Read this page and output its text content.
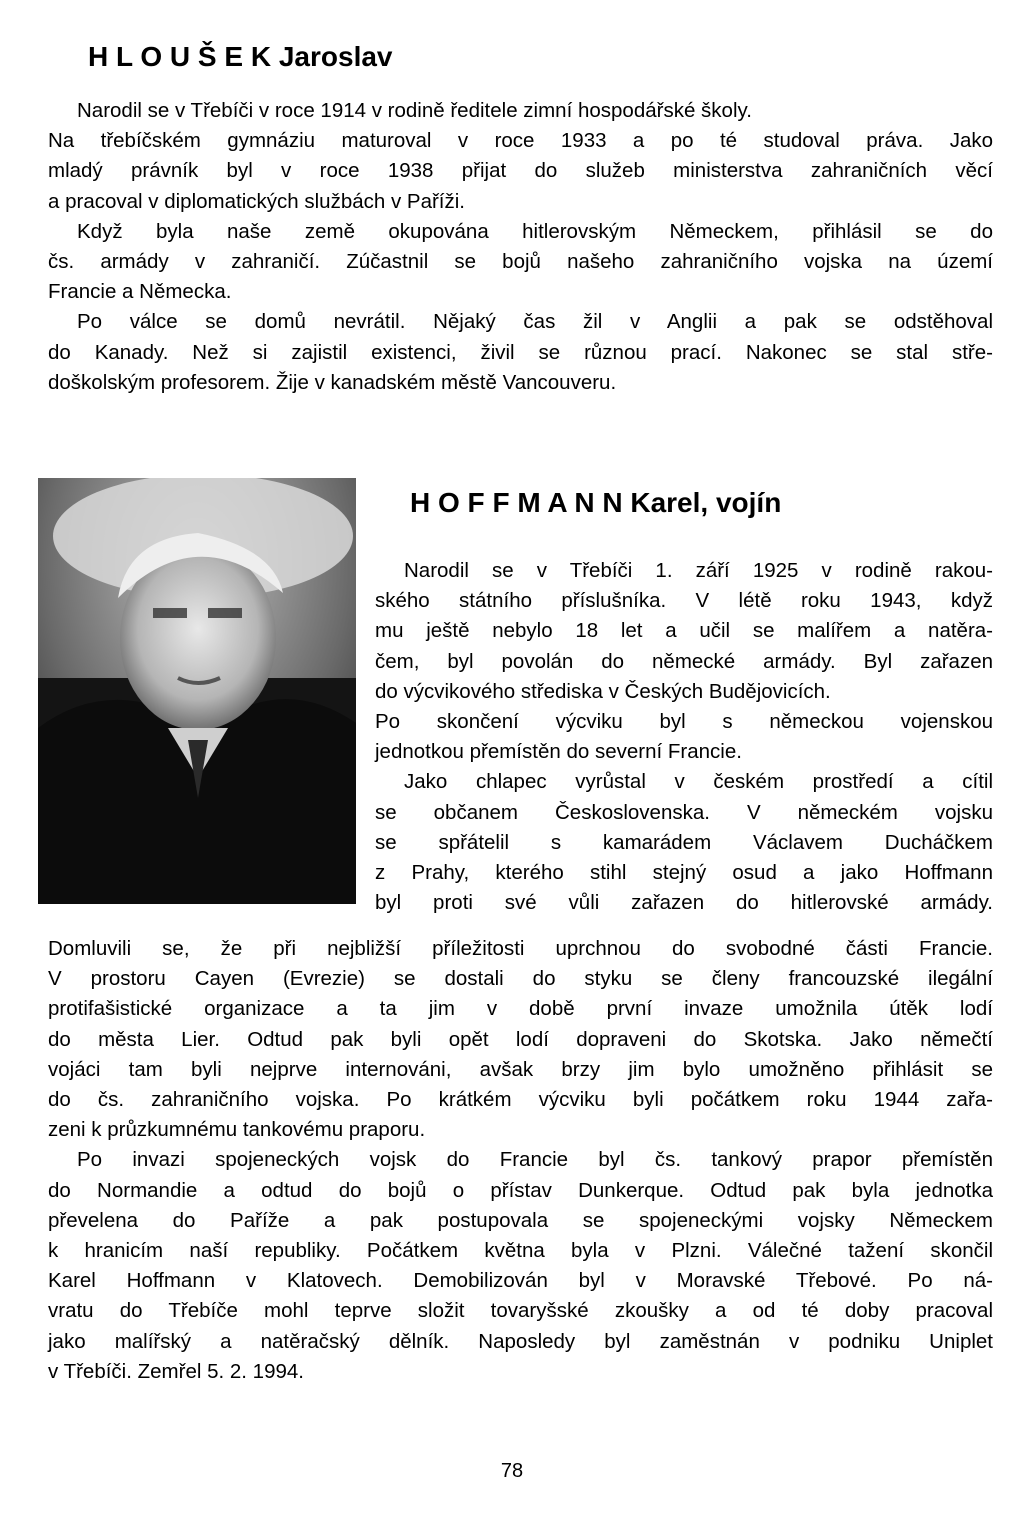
H L O U Š E K Jaroslav

Narodil se v Třebíči v roce 1914 v rodině ředitele zimní hospodářské školy.
Na třebíčském gymnáziu maturoval v roce 1933 a po té studoval práva. Jako
mladý právník byl v roce 1938 přijat do služeb ministerstva zahraničních věcí
a pracoval v diplomatických službách v Paříži.

Když byla naše země okupována hitlerovským Německem, přihlásil se do
čs. armády v zahraničí. Zúčastnil se bojů našeho zahraničního vojska na území
Francie a Německa.

Po válce se domů nevrátil. Nějaký čas žil v Anglii a pak se odstěhoval
do Kanady. Než si zajistil existenci, živil se různou prací. Nakonec se stal stře-
doškolským profesorem. Žije v kanadském městě Vancouveru.

H O F F M A N N Karel, vojín

Narodil se v Třebíči 1. září 1925 v rodině rakou-
ského státního příslušníka. V létě roku 1943, když
mu ještě nebylo 18 let a učil se malířem a natěra-
čem, byl povolán do německé armády. Byl zařazen
do výcvikového střediska v Českých Budějovicích.
Po skončení výcviku byl s německou vojenskou
jednotkou přemístěn do severní Francie.

Jako chlapec vyrůstal v českém prostředí a cítil
se občanem Československa. V německém vojsku
se spřátelil s kamarádem Václavem Ducháčkem
z Prahy, kterého stihl stejný osud a jako Hoffmann
byl proti své vůli zařazen do hitlerovské armády.

Domluvili se, že při nejbližší příležitosti uprchnou do svobodné části Francie.
V prostoru Cayen (Evrezie) se dostali do styku se členy francouzské ilegální
protifašistické organizace a ta jim v době první invaze umožnila útěk lodí
do města Lier. Odtud pak byli opět lodí dopraveni do Skotska. Jako němečtí
vojáci tam byli nejprve internováni, avšak brzy jim bylo umožněno přihlásit se
do čs. zahraničního vojska. Po krátkém výcviku byli počátkem roku 1944 zařa-
zeni k průzkumnému tankovému praporu.

Po invazi spojeneckých vojsk do Francie byl čs. tankový prapor přemístěn
do Normandie a odtud do bojů o přístav Dunkerque. Odtud pak byla jednotka
převelena do Paříže a pak postupovala se spojeneckými vojsky Německem
k hranicím naší republiky. Počátkem května byla v Plzni. Válečné tažení skončil
Karel Hoffmann v Klatovech. Demobilizován byl v Moravské Třebové. Po ná-
vratu do Třebíče mohl teprve složit tovaryšské zkoušky a od té doby pracoval
jako malířský a natěračský dělník. Naposledy byl zaměstnán v podniku Uniplet
v Třebíči. Zemřel 5. 2. 1994.

78
